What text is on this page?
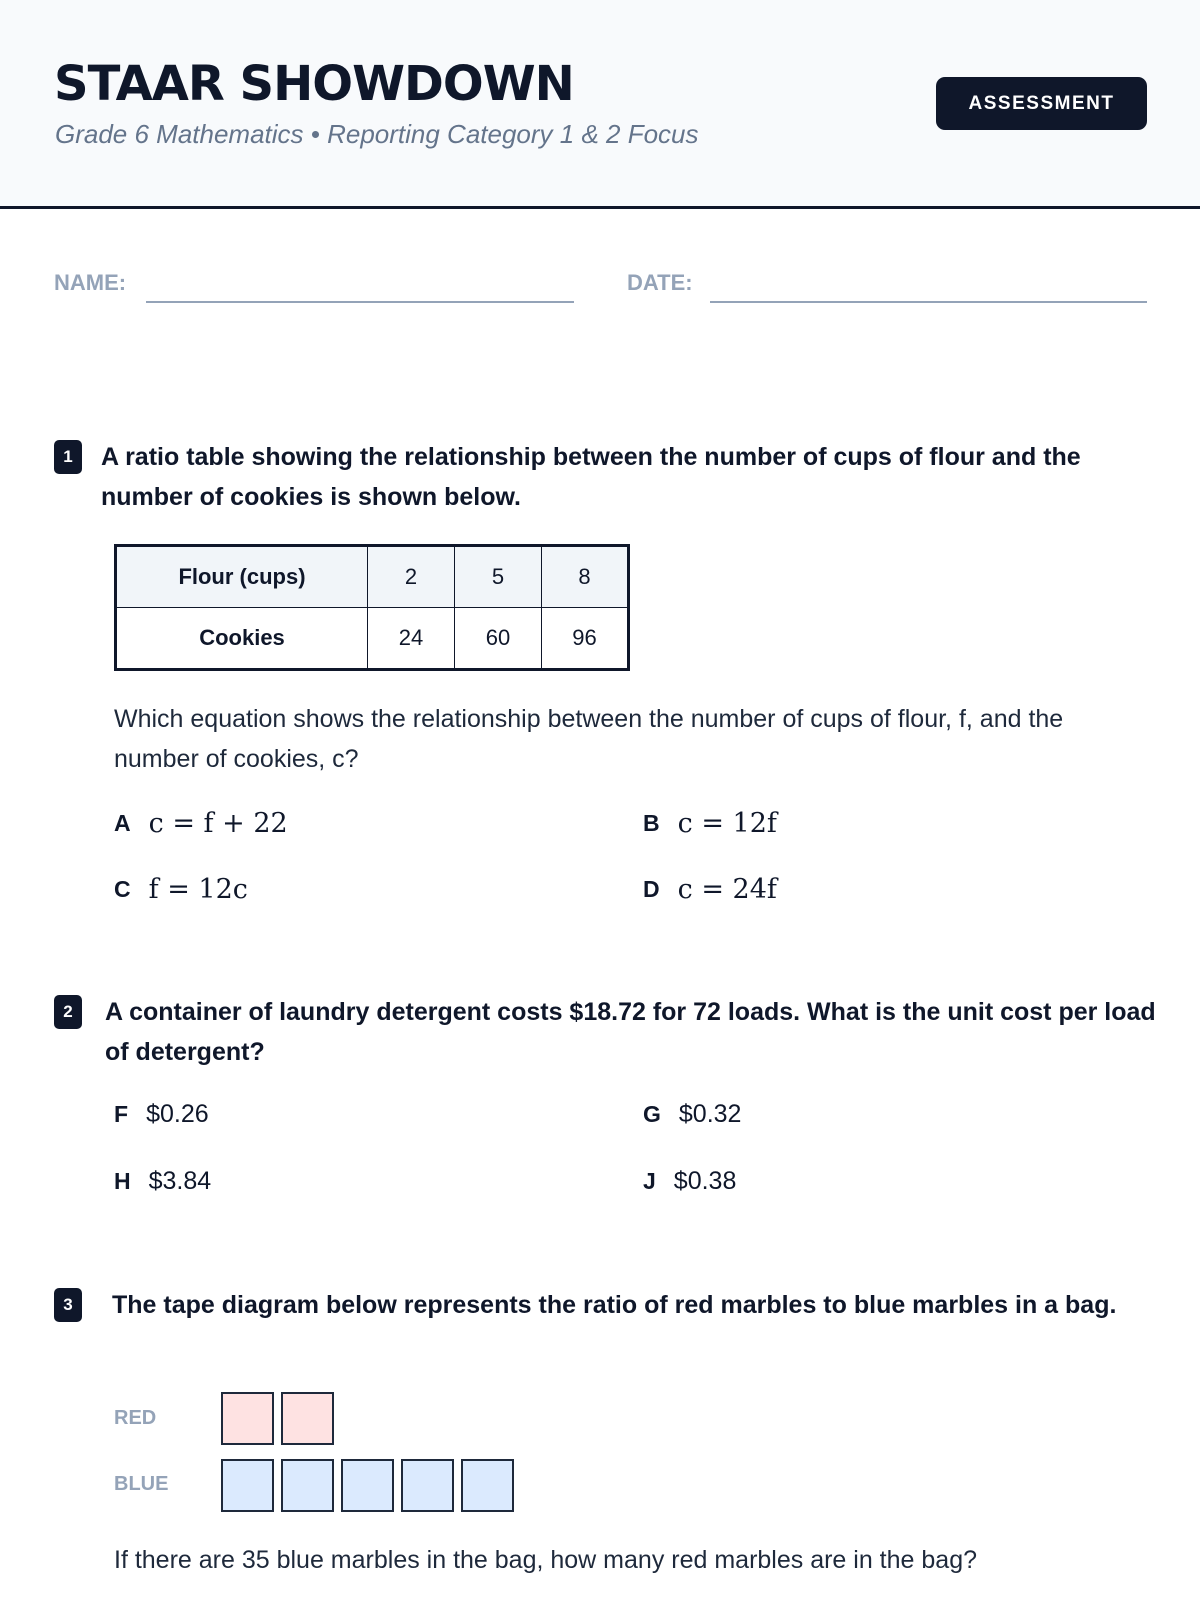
STAAR SHOWDOWN
Grade 6 Mathematics • Reporting Category 1 & 2 Focus
ASSESSMENT
NAME:	DATE:
1	A ratio table showing the relationship between the number of cups of flour and the number of cookies is shown below.
Flour (cups)	2	5	8
Cookies	24	60	96
Which equation shows the relationship between the number of cups of flour, f, and the number of cookies, c?
A c = f + 22	B c = 12f
C f = 12c	D c = 24f
2	A container of laundry detergent costs $18.72 for 72 loads. What is the unit cost per load of detergent?
F $0.26	G $0.32
H $3.84	J $0.38
3	The tape diagram below represents the ratio of red marbles to blue marbles in a bag.
RED
BLUE
If there are 35 blue marbles in the bag, how many red marbles are in the bag?
